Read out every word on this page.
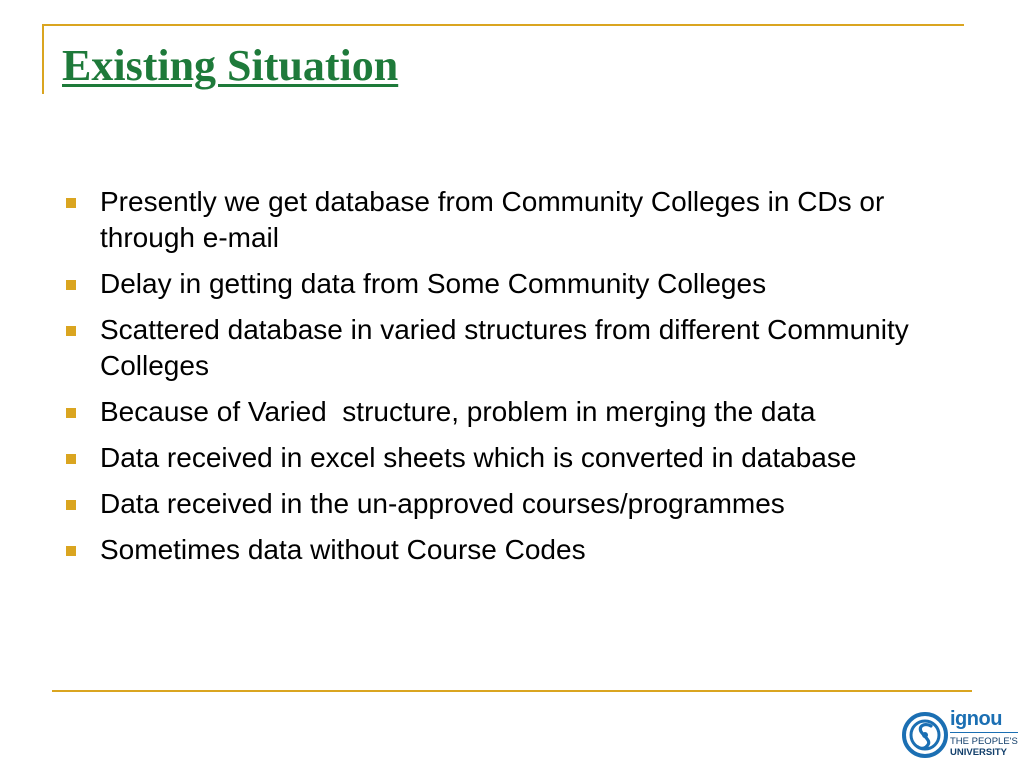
Existing Situation
Presently we get database from Community Colleges in CDs or through e-mail
Delay in getting data from Some Community Colleges
Scattered database in varied structures from different Community Colleges
Because of Varied  structure, problem in merging the data
Data received in excel sheets which is converted in database
Data received in the un-approved courses/programmes
Sometimes data without Course Codes
ignou
THE PEOPLE'S
UNIVERSITY
